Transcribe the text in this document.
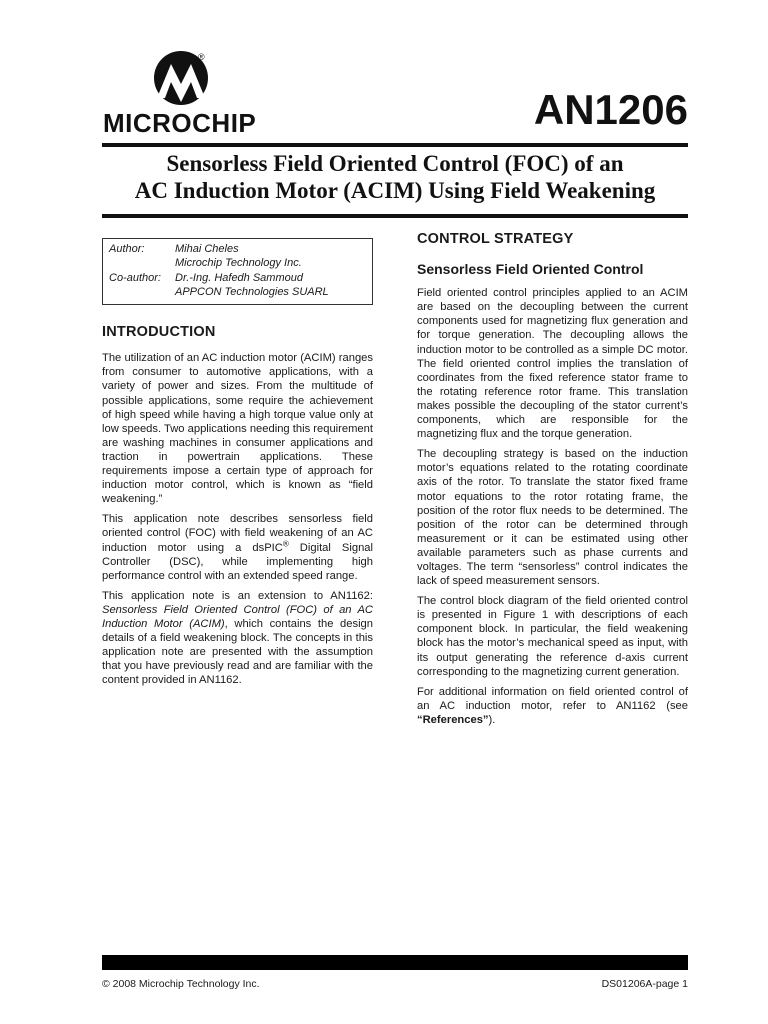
®
MICROCHIP	AN1206
Sensorless Field Oriented Control (FOC) of an
AC Induction Motor (ACIM) Using Field Weakening
Author:	Mihai Cheles
	Microchip Technology Inc.
Co-author:	Dr.-Ing. Hafedh Sammoud
	APPCON Technologies SUARL
INTRODUCTION

The utilization of an AC induction motor (ACIM) ranges from consumer to automotive applications, with a variety of power and sizes. From the multitude of possible applications, some require the achievement of high speed while having a high torque value only at low speeds. Two applications needing this requirement are washing machines in consumer applications and traction in powertrain applications. These requirements impose a certain type of approach for induction motor control, which is known as “field weakening.”

This application note describes sensorless field oriented control (FOC) with field weakening of an AC induction motor using a dsPIC® Digital Signal Controller (DSC), while implementing high performance control with an extended speed range.

This application note is an extension to AN1162: Sensorless Field Oriented Control (FOC) of an AC Induction Motor (ACIM), which contains the design details of a field weakening block. The concepts in this application note are presented with the assumption that you have previously read and are familiar with the content provided in AN1162.

CONTROL STRATEGY
Sensorless Field Oriented Control

Field oriented control principles applied to an ACIM are based on the decoupling between the current components used for magnetizing flux generation and for torque generation. The decoupling allows the induction motor to be controlled as a simple DC motor. The field oriented control implies the translation of coordinates from the fixed reference stator frame to the rotating reference rotor frame. This translation makes possible the decoupling of the stator current’s components, which are responsible for the magnetizing flux and the torque generation.

The decoupling strategy is based on the induction motor’s equations related to the rotating coordinate axis of the rotor. To translate the stator fixed frame motor equations to the rotor rotating frame, the position of the rotor flux needs to be determined. The position of the rotor can be determined through measurement or it can be estimated using other available parameters such as phase currents and voltages. The term “sensorless” control indicates the lack of speed measurement sensors.

The control block diagram of the field oriented control is presented in Figure 1 with descriptions of each component block. In particular, the field weakening block has the motor’s mechanical speed as input, with its output generating the reference d-axis current corresponding to the magnetizing current generation.

For additional information on field oriented control of an AC induction motor, refer to AN1162 (see “References”).

© 2008 Microchip Technology Inc.	DS01206A-page 1
